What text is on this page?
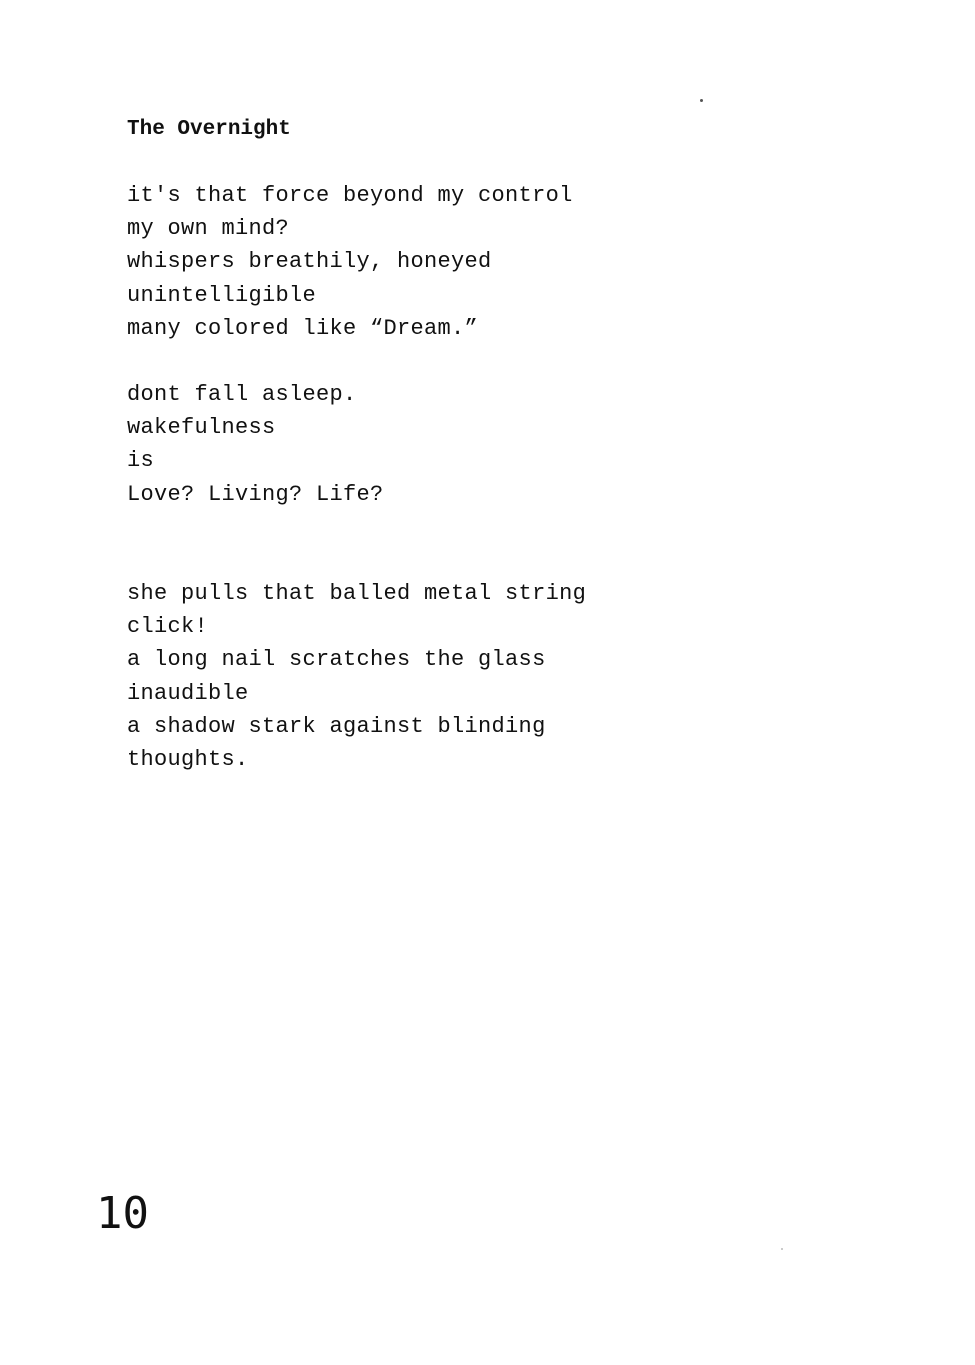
The Overnight
it's that force beyond my control
my own mind?
whispers breathily, honeyed
unintelligible
many colored like “Dream.”
dont fall asleep.
wakefulness
is
Love? Living? Life?
she pulls that balled metal string
click!
a long nail scratches the glass
inaudible
a shadow stark against blinding
thoughts.
10
